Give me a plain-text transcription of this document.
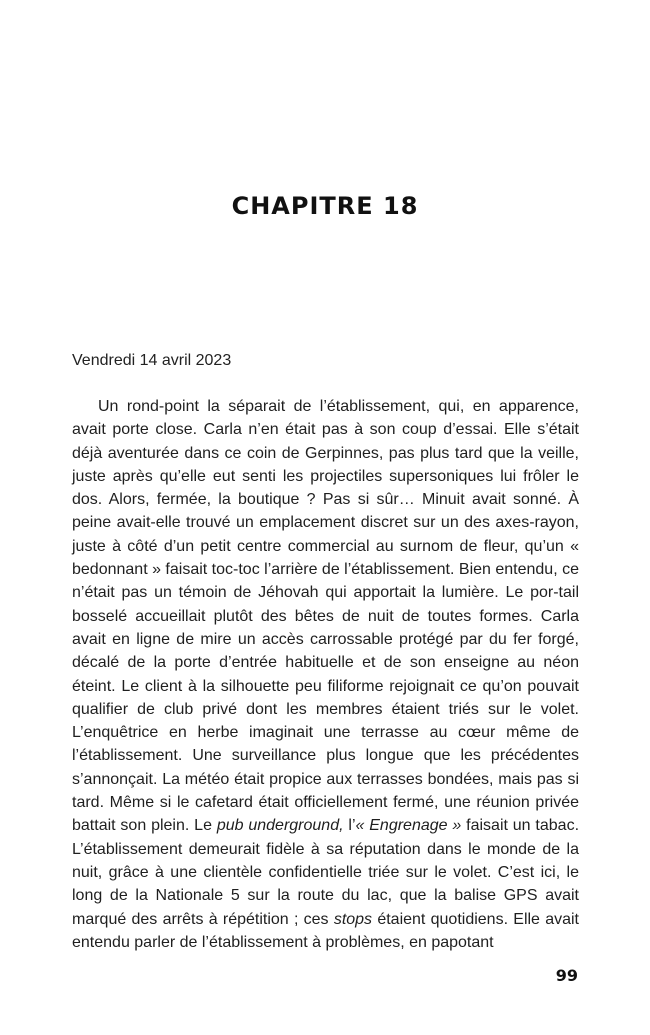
CHAPITRE 18

Vendredi 14 avril 2023

Un rond-point la séparait de l’établissement, qui, en apparence, avait porte close. Carla n’en était pas à son coup d’essai. Elle s’était déjà aventurée dans ce coin de Gerpinnes, pas plus tard que la veille, juste après qu’elle eut senti les projectiles supersoniques lui frôler le dos. Alors, fermée, la boutique ? Pas si sûr… Minuit avait sonné. À peine avait-elle trouvé un emplacement discret sur un des axes-rayon, juste à côté d’un petit centre commercial au surnom de fleur, qu’un « bedonnant » faisait toc-toc l’arrière de l’établissement. Bien entendu, ce n’était pas un témoin de Jéhovah qui apportait la lumière. Le por-tail bosselé accueillait plutôt des bêtes de nuit de toutes formes. Carla avait en ligne de mire un accès carrossable protégé par du fer forgé, décalé de la porte d’entrée habituelle et de son enseigne au néon éteint. Le client à la silhouette peu filiforme rejoignait ce qu’on pouvait qualifier de club privé dont les membres étaient triés sur le volet. L’enquêtrice en herbe imaginait une terrasse au cœur même de l’établissement. Une surveillance plus longue que les précédentes s’annonçait. La météo était propice aux terrasses bondées, mais pas si tard. Même si le cafetard était officiellement fermé, une réunion privée battait son plein. Le pub underground, l’« Engrenage » faisait un tabac. L’établissement demeurait fidèle à sa réputation dans le monde de la nuit, grâce à une clientèle confidentielle triée sur le volet. C’est ici, le long de la Nationale 5 sur la route du lac, que la balise GPS avait marqué des arrêts à répétition ; ces stops étaient quotidiens. Elle avait entendu parler de l’établissement à problèmes, en papotant

99
